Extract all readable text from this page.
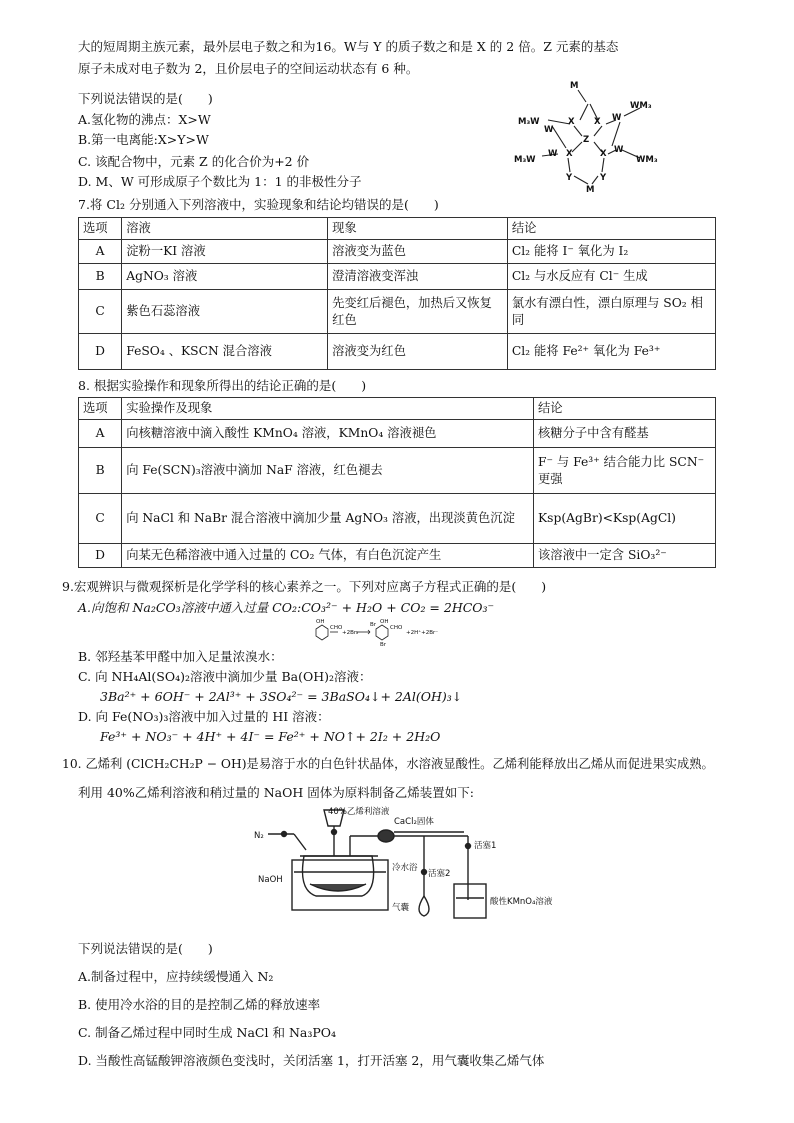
大的短周期主族元素，最外层电子数之和为16。W与 Y 的质子数之和是 X 的 2 倍。Z 元素的基态
原子未成对电子数为 2，且价层电子的空间运动状态有 6 种。
下列说法错误的是(　　)
A.氢化物的沸点：X>W
B.第一电离能:X>Y>W
C. 该配合物中，元素 Z 的化合价为+2 价
D. M、W 可形成原子个数比为 1：1 的非极性分子
M
M₃W
W
X X W
WM₃
Z
M₃W
W X	X W
WM₃
Y	Y
M
7.将 Cl₂ 分别通入下列溶液中，实验现象和结论均错误的是(　　)
选项	溶液	现象	结论
A	淀粉一KI 溶液	溶液变为蓝色	Cl₂ 能将 I⁻ 氧化为 I₂
B	AgNO₃ 溶液	澄清溶液变浑浊	Cl₂ 与水反应有 Cl⁻ 生成
C	紫色石蕊溶液	先变红后褪色，加热后又恢复红色	氯水有漂白性，漂白原理与 SO₂ 相同
D	FeSO₄ 、KSCN 混合溶液	溶液变为红色	Cl₂ 能将 Fe²⁺ 氧化为 Fe³⁺
8. 根据实验操作和现象所得出的结论正确的是(　　)
选项	实验操作及现象	结论
A	向核糖溶液中滴入酸性 KMnO₄ 溶液，KMnO₄ 溶液褪色	核糖分子中含有醛基
B	向 Fe(SCN)₃溶液中滴加 NaF 溶液，红色褪去	F⁻ 与 Fe³⁺ 结合能力比 SCN⁻ 更强
C	向 NaCl 和 NaBr 混合溶液中滴加少量 AgNO₃ 溶液，出现淡黄色沉淀	Ksp(AgBr)<Ksp(AgCl)
D	向某无色稀溶液中通入过量的 CO₂ 气体，有白色沉淀产生	该溶液中一定含 SiO₃²⁻
9.宏观辨识与微观探析是化学学科的核心素养之一。下列对应离子方程式正确的是(　　)
A.向饱和 Na₂CO₃溶液中通入过量 CO₂:CO₃²⁻ + H₂O + CO₂ = 2HCO₃⁻
OH
CHO
+2Br₂
Br OH
CHO
Br
+2H⁺+2Br⁻
B. 邻羟基苯甲醛中加入足量浓溴水：
C. 向 NH₄Al(SO₄)₂溶液中滴加少量 Ba(OH)₂溶液：
3Ba²⁺ + 6OH⁻ + 2Al³⁺ + 3SO₄²⁻ = 3BaSO₄↓+ 2Al(OH)₃↓
D. 向 Fe(NO₃)₃溶液中加入过量的 HI 溶液：
Fe³⁺ + NO₃⁻ + 4H⁺ + 4I⁻ = Fe²⁺ + NO↑+ 2I₂ + 2H₂O
10. 乙烯利 (ClCH₂CH₂P − OH)是易溶于水的白色针状晶体，水溶液显酸性。乙烯利能释放出乙烯从而促进果实成熟。
利用 40%乙烯利溶液和稍过量的 NaOH 固体为原料制备乙烯装置如下:
40%乙烯利溶液
CaCl₂固体
N₂
NaOH
冷水浴
活塞2
活塞1
气囊
酸性KMnO₄溶液
下列说法错误的是(　　)
A.制备过程中，应持续缓慢通入 N₂
B. 使用冷水浴的目的是控制乙烯的释放速率
C. 制备乙烯过程中同时生成 NaCl 和 Na₃PO₄
D. 当酸性高锰酸钾溶液颜色变浅时，关闭活塞 1，打开活塞 2，用气囊收集乙烯气体
